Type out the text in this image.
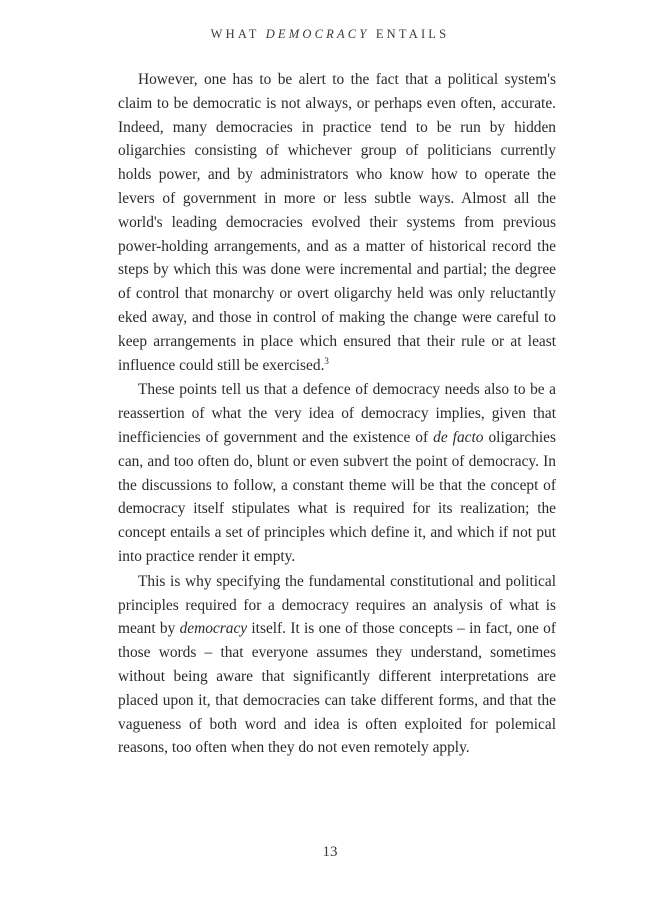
WHAT DEMOCRACY ENTAILS

However, one has to be alert to the fact that a political system's claim to be democratic is not always, or perhaps even often, accurate. Indeed, many democracies in practice tend to be run by hidden oligarchies consisting of whichever group of politicians currently holds power, and by administrators who know how to operate the levers of government in more or less subtle ways. Almost all the world's leading democracies evolved their systems from previous power-holding arrangements, and as a matter of historical record the steps by which this was done were incremental and partial; the degree of control that monarchy or overt oligarchy held was only reluctantly eked away, and those in control of making the change were careful to keep arrangements in place which ensured that their rule or at least influence could still be exercised.$^3$

These points tell us that a defence of democracy needs also to be a reassertion of what the very idea of democracy implies, given that inefficiencies of government and the existence of de facto oligarchies can, and too often do, blunt or even subvert the point of democracy. In the discussions to follow, a constant theme will be that the concept of democracy itself stipulates what is required for its realization; the concept entails a set of principles which define it, and which if not put into practice render it empty.

This is why specifying the fundamental constitutional and political principles required for a democracy requires an analysis of what is meant by democracy itself. It is one of those concepts – in fact, one of those words – that everyone assumes they understand, sometimes without being aware that significantly different interpretations are placed upon it, that democracies can take different forms, and that the vagueness of both word and idea is often exploited for polemical reasons, too often when they do not even remotely apply.

13
